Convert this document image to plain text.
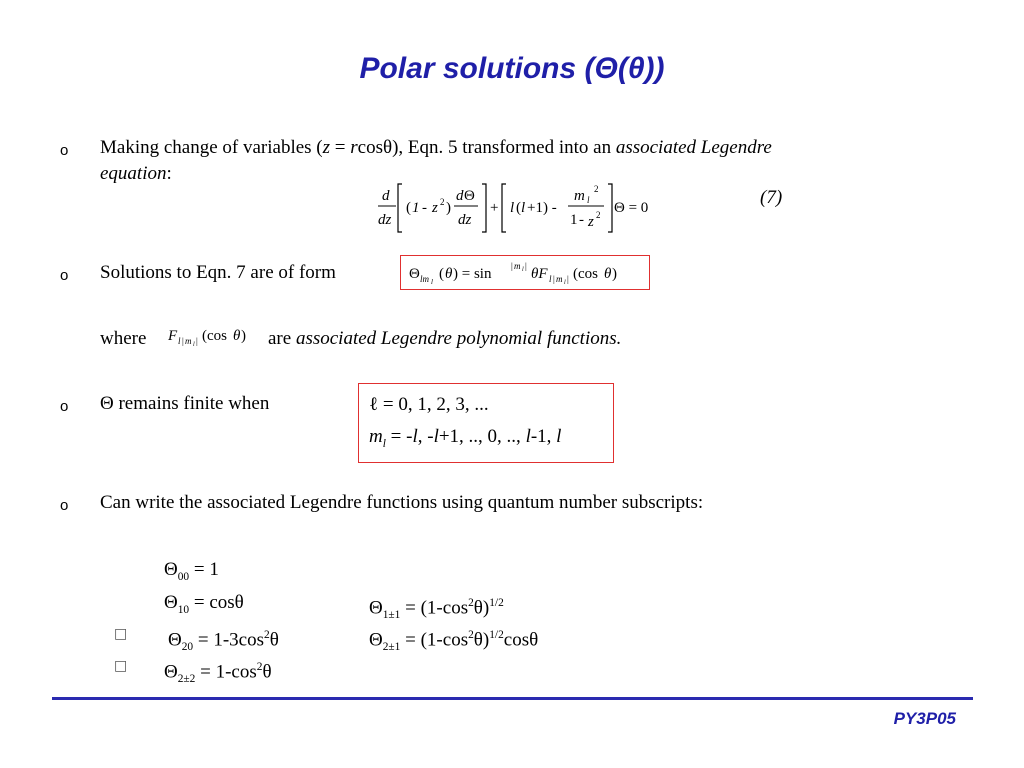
Polar solutions (Θ(θ))
o Making change of variables (z = rcosθ), Eqn. 5 transformed into an associated Legendre
equation:
d
dz
( 1 - z 2 )
d Θ
dz
+ l ( l +1) -
m l
2
1 - z 2 Θ = 0	(7)
o Solutions to Eqn. 7 are of form	Θ lm l ( θ ) = sin | m l | θF l | m l | (cos θ )
where F l | m l | (cos θ ) are associated Legendre polynomial functions.
o Θ remains finite when	ℓ = 0, 1, 2, 3, ...
$m_l = -l$, -l+1, .., 0, .., l-1, l
o Can write the associated Legendre functions using quantum number subscripts:
$\Theta_{00} = 1$
$\Theta_{10} = \cos\theta$	$\Theta_{1\pm 1} = (1-\cos^2\theta)^{1/2}$
□ $\Theta_{20} = 1-3\cos^2\theta$	$\Theta_{2\pm 1} = (1-\cos^2\theta)^{1/2}\cos\theta$
□ $\Theta_{2\pm 2} = 1-\cos^2\theta$
PY3P05
